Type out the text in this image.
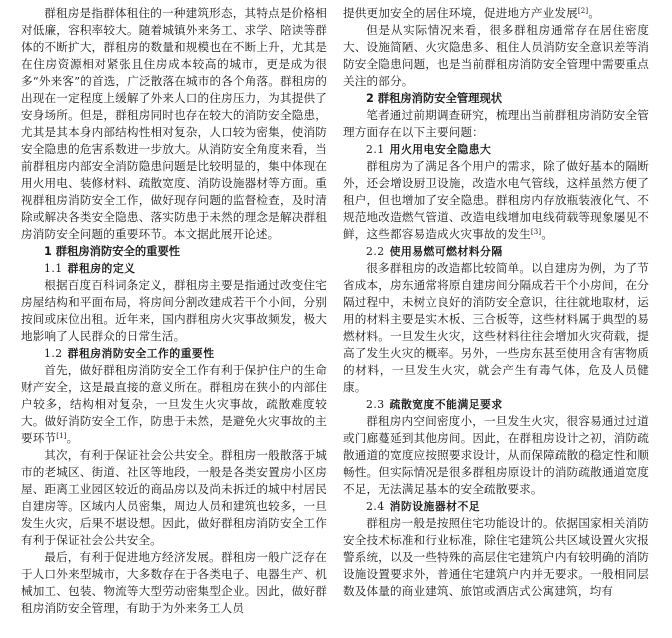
群租房是指群体租住的一种建筑形态，其特点是价格相对低廉，容积率较大。随着城镇外来务工、求学、陪读等群体的不断扩大，群租房的数量和规模也在不断上升，尤其是在住房资源相对紧张且住房成本较高的城市，更是成为很多“外来客”的首选，广泛散落在城市的各个角落。群租房的出现在一定程度上缓解了外来人口的住房压力，为其提供了安身场所。但是，群租房同时也存在较大的消防安全隐患，尤其是其本身内部结构性相对复杂，人口较为密集，使消防安全隐患的危害系数进一步放大。从消防安全角度来看，当前群租房内部安全消防隐患问题是比较明显的，集中体现在用火用电、装修材料、疏散宽度、消防设施器材等方面。重视群租房消防安全工作，做好现存问题的监督检查，及时清除或解决各类安全隐患、落实防患于未然的理念是解决群租房消防安全问题的重要环节。本文据此展开论述。

1 群租房消防安全的重要性

1.1 群租房的定义

根据百度百科词条定义，群租房主要是指通过改变住宅房屋结构和平面布局，将房间分割改建成若干个小间，分别按间或床位出租。近年来，国内群租房火灾事故频发，极大地影响了人民群众的日常生活。

1.2 群租房消防安全工作的重要性

首先，做好群租房消防安全工作有利于保护住户的生命财产安全，这是最直接的意义所在。群租房在狭小的内部住户较多，结构相对复杂，一旦发生火灾事故，疏散难度较大。做好消防安全工作，防患于未然，是避免火灾事故的主要环节[1]。

其次，有利于保证社会公共安全。群租房一般散落于城市的老城区、街道、社区等地段，一般是各类安置房小区房屋、距离工业园区较近的商品房以及尚未拆迁的城中村居民自建房等。区域内人员密集，周边人员和建筑也较多，一旦发生火灾，后果不堪设想。因此，做好群租房消防安全工作有利于保证社会公共安全。

最后，有利于促进地方经济发展。群租房一般广泛存在于人口外来型城市，大多数存在于各类电子、电器生产、机械加工、包装、物流等大型劳动密集型企业。因此，做好群租房消防安全管理，有助于为外来务工人员

提供更加安全的居住环境，促进地方产业发展[2]。

但是从实际情况来看，很多群租房通常存在居住密度大、设施简陋、火灾隐患多、租住人员消防安全意识差等消防安全隐患问题，也是当前群租房消防安全管理中需要重点关注的部分。

2 群租房消防安全管理现状

笔者通过前期调查研究，梳理出当前群租房消防安全管理方面存在以下主要问题：

2.1 用火用电安全隐患大

群租房为了满足各个用户的需求，除了做好基本的隔断外，还会增设厨卫设施，改造水电气管线，这样虽然方便了租户，但也增加了安全隐患。群租房内存放瓶装液化气、不规范地改造燃气管道、改造电线增加电线荷载等现象屡见不鲜，这些都容易造成火灾事故的发生[3]。

2.2 使用易燃可燃材料分隔

很多群租房的改造都比较简单。以自建房为例，为了节省成本，房东通常将原自建房间分隔成若干个小房间，在分隔过程中，未树立良好的消防安全意识，往往就地取材，运用的材料主要是实木板、三合板等，这些材料属于典型的易燃材料。一旦发生火灾，这些材料往往会增加火灾荷载，提高了发生火灾的概率。另外，一些房东甚至使用含有害物质的材料，一旦发生火灾，就会产生有毒气体，危及人员健康。

2.3 疏散宽度不能满足要求

群租房内空间密度小，一旦发生火灾，很容易通过过道或门廊蔓延到其他房间。因此，在群租房设计之初，消防疏散通道的宽度应按照要求设计，从而保障疏散的稳定性和顺畅性。但实际情况是很多群租房原设计的消防疏散通道宽度不足，无法满足基本的安全疏散要求。

2.4 消防设施器材不足

群租房一般是按照住宅功能设计的。依据国家相关消防安全技术标准和行业标准，除住宅建筑公共区域设置火灾报警系统，以及一些特殊的高层住宅建筑户内有较明确的消防设施设置要求外，普通住宅建筑户内并无要求。一般相同层数及体量的商业建筑、旅馆或酒店式公寓建筑，均有
